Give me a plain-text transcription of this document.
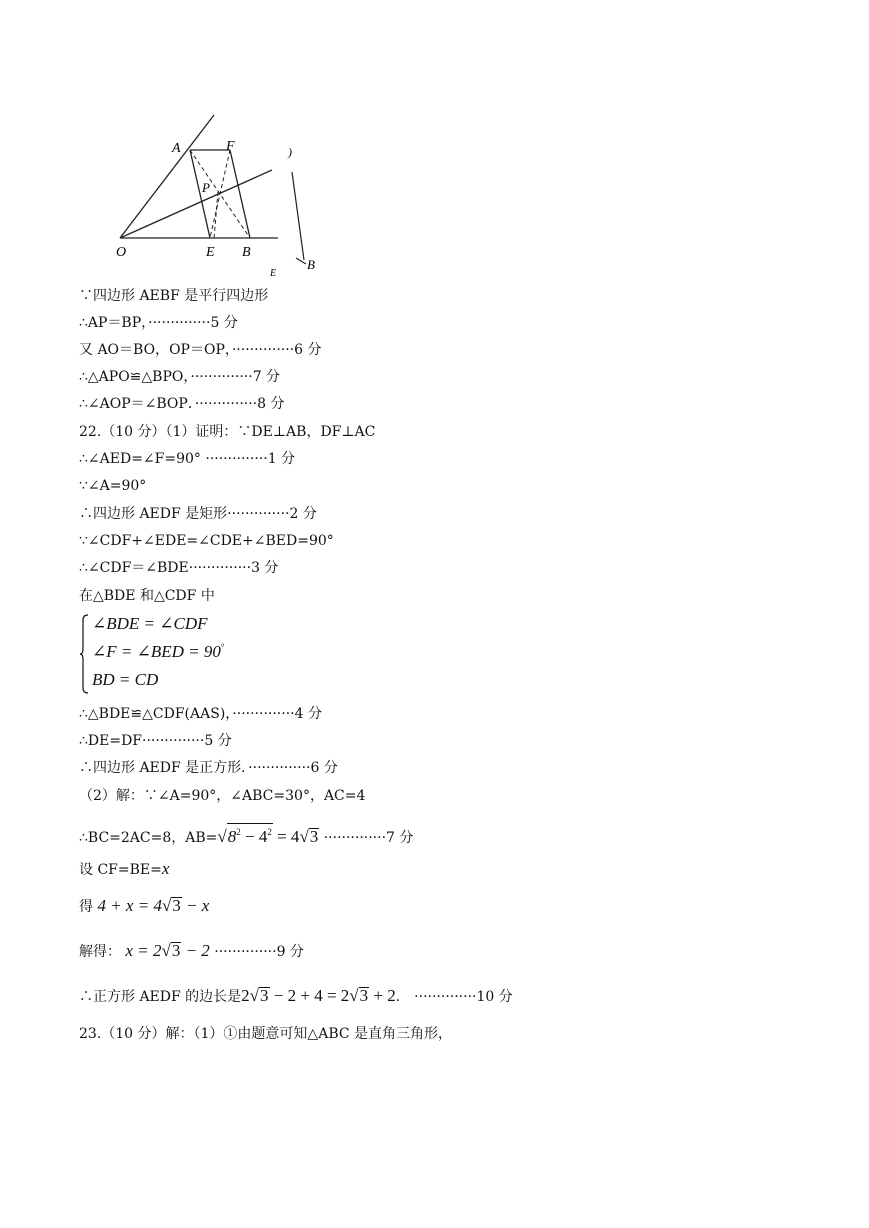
A	F
P
O	E B
B
E
)
∵四边形 AEBF 是平行四边形
∴AP＝BP，··············5 分
又 AO＝BO，OP＝OP，··············6 分
∴△APO≌△BPO，··············7 分
∴∠AOP＝∠BOP．··············8 分
22.（10 分）（1）证明：∵DE⊥AB，DF⊥AC
∴∠AED=∠F=90° ··············1 分
∵∠A=90°
∴四边形 AEDF 是矩形··············2 分
∵∠CDF+∠EDE=∠CDE+∠BED=90°
∴∠CDF＝∠BDE··············3 分
在△BDE 和△CDF 中
∠BDE = ∠CDF
∠F = ∠BED = 90°
BD = CD
∴△BDE≌△CDF(AAS)，··············4 分
∴DE=DF··············5 分
∴四边形 AEDF 是正方形．··············6 分
（2）解：∵∠A=90°，∠ABC=30°，AC=4
∴BC=2AC=8，$AB=√8^2 - 4^2 = 4√3 \cdot\cdot\cdot\cdot\cdot\cdot\cdot\cdot\cdot\cdot\cdot\cdot\cdot\cdot 7$ 分
设 CF=BE=x
得 4 + x = 4√3 − x
解得： x = 2√3 − 2 ··············9 分
∴正方形 AEDF 的边长是2√3 − 2 + 4 = 2√3 + 2． ··············10 分
23.（10 分）解：（1）①由题意可知△ABC 是直角三角形，
